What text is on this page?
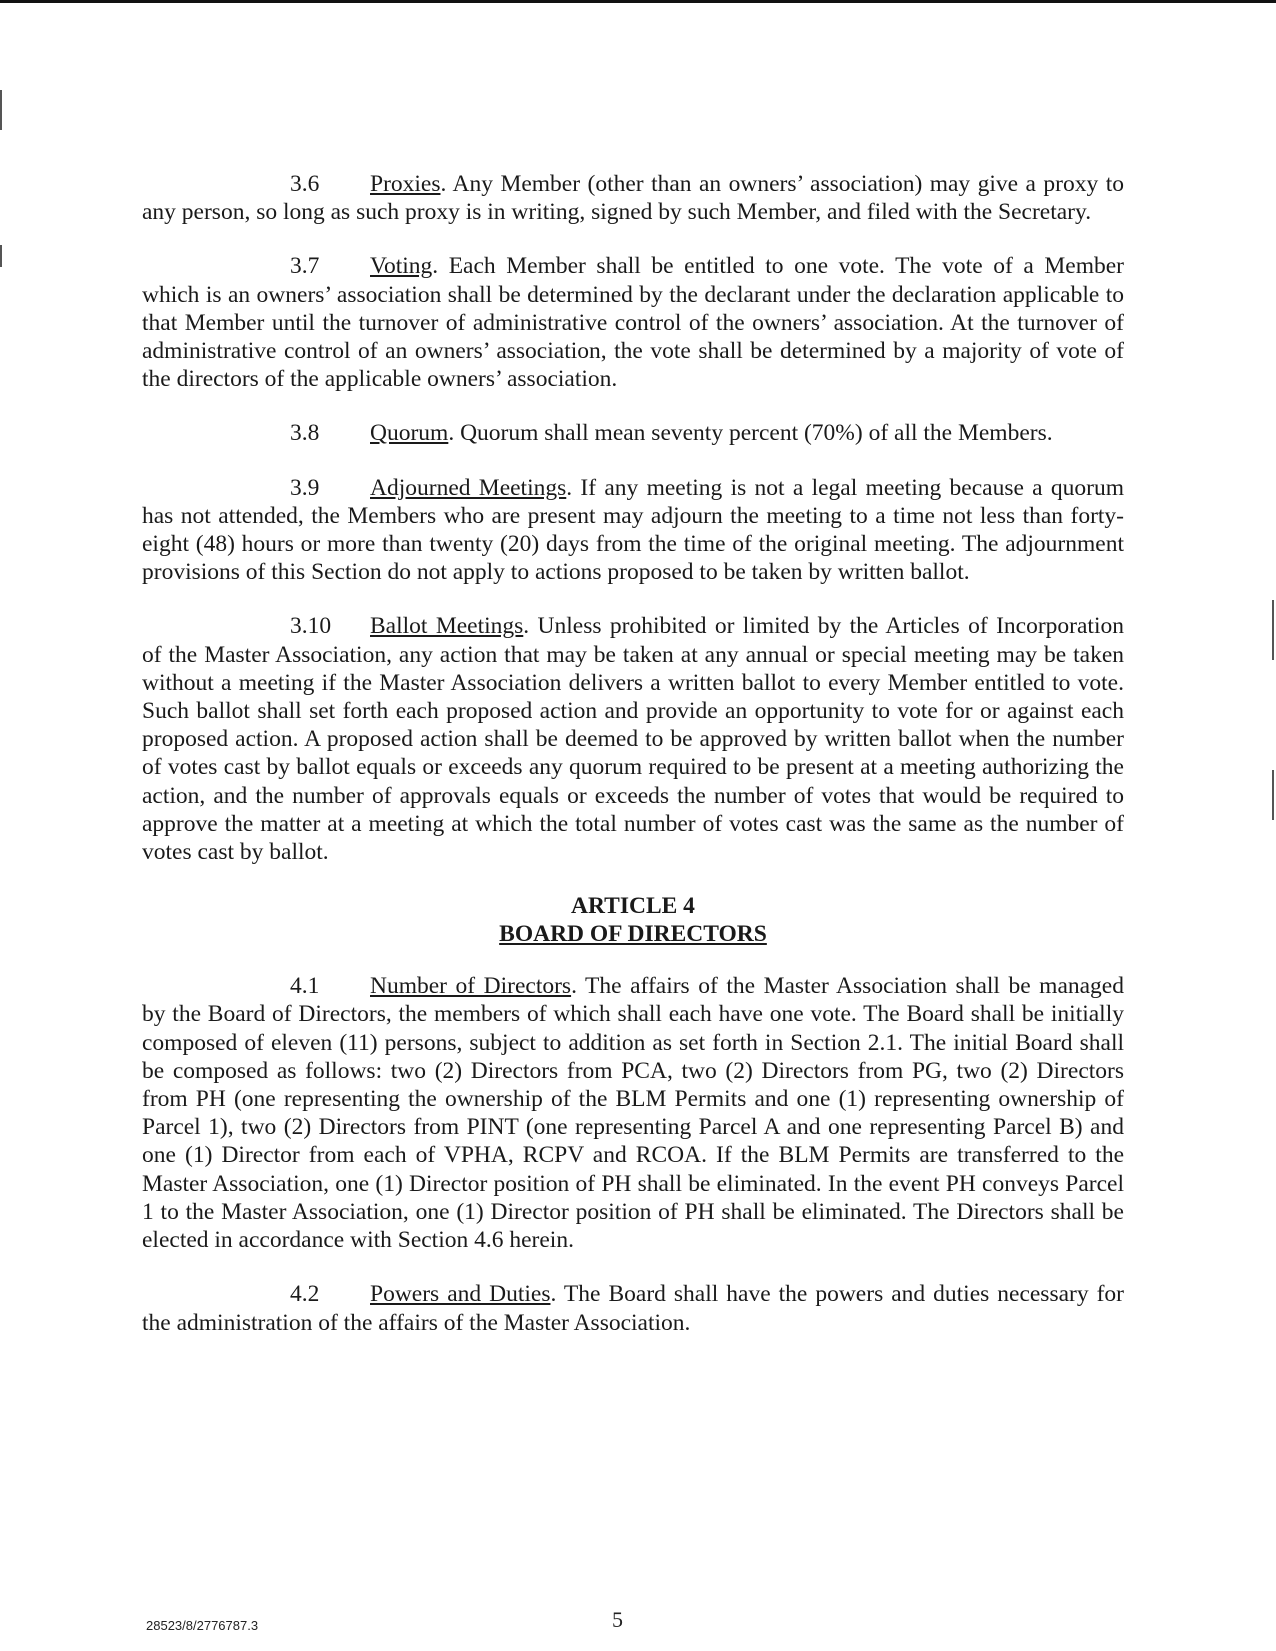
3.6 Proxies. Any Member (other than an owners’ association) may give a proxy to any person, so long as such proxy is in writing, signed by such Member, and filed with the Secretary.

3.7 Voting. Each Member shall be entitled to one vote. The vote of a Member which is an owners’ association shall be determined by the declarant under the declaration applicable to that Member until the turnover of administrative control of the owners’ association. At the turnover of administrative control of an owners’ association, the vote shall be determined by a majority of vote of the directors of the applicable owners’ association.

3.8 Quorum. Quorum shall mean seventy percent (70%) of all the Members.

3.9 Adjourned Meetings. If any meeting is not a legal meeting because a quorum has not attended, the Members who are present may adjourn the meeting to a time not less than forty-eight (48) hours or more than twenty (20) days from the time of the original meeting. The adjournment provisions of this Section do not apply to actions proposed to be taken by written ballot.

3.10 Ballot Meetings. Unless prohibited or limited by the Articles of Incorporation of the Master Association, any action that may be taken at any annual or special meeting may be taken without a meeting if the Master Association delivers a written ballot to every Member entitled to vote. Such ballot shall set forth each proposed action and provide an opportunity to vote for or against each proposed action. A proposed action shall be deemed to be approved by written ballot when the number of votes cast by ballot equals or exceeds any quorum required to be present at a meeting authorizing the action, and the number of approvals equals or exceeds the number of votes that would be required to approve the matter at a meeting at which the total number of votes cast was the same as the number of votes cast by ballot.

ARTICLE 4
BOARD OF DIRECTORS

4.1 Number of Directors. The affairs of the Master Association shall be managed by the Board of Directors, the members of which shall each have one vote. The Board shall be initially composed of eleven (11) persons, subject to addition as set forth in Section 2.1. The initial Board shall be composed as follows: two (2) Directors from PCA, two (2) Directors from PG, two (2) Directors from PH (one representing the ownership of the BLM Permits and one (1) representing ownership of Parcel 1), two (2) Directors from PINT (one representing Parcel A and one representing Parcel B) and one (1) Director from each of VPHA, RCPV and RCOA. If the BLM Permits are transferred to the Master Association, one (1) Director position of PH shall be eliminated. In the event PH conveys Parcel 1 to the Master Association, one (1) Director position of PH shall be eliminated. The Directors shall be elected in accordance with Section 4.6 herein.

4.2 Powers and Duties. The Board shall have the powers and duties necessary for the administration of the affairs of the Master Association.

28523/8/2776787.3	5
